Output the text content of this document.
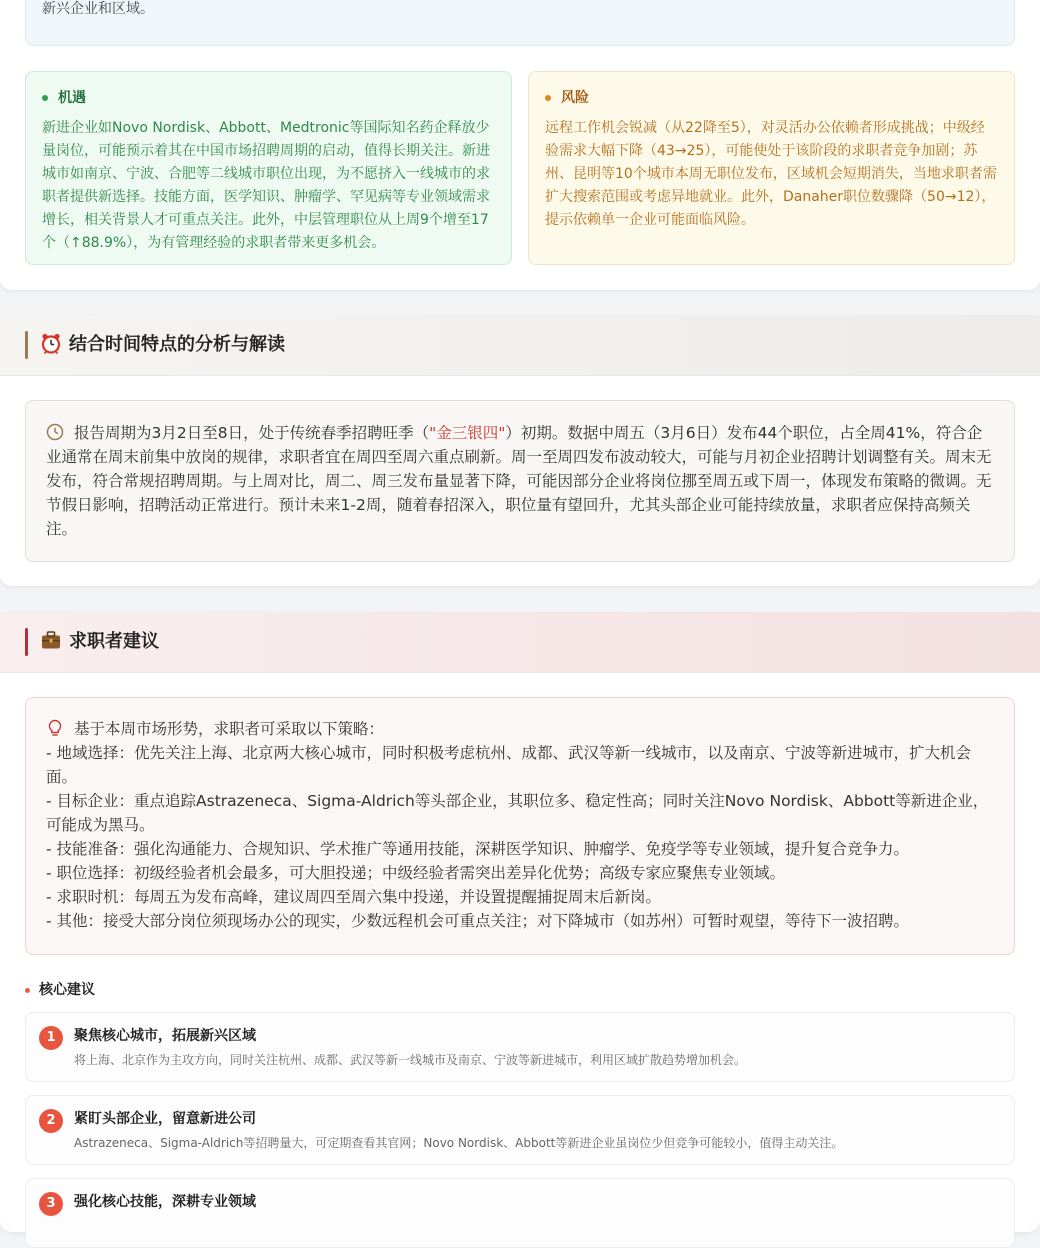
新兴企业和区域。
机遇
新进企业如Novo Nordisk、Abbott、Medtronic等国际知名药企释放少量岗位，可能预示着其在中国市场招聘周期的启动，值得长期关注。新进城市如南京、宁波、合肥等二线城市职位出现，为不愿挤入一线城市的求职者提供新选择。技能方面，医学知识、肿瘤学、罕见病等专业领域需求增长，相关背景人才可重点关注。此外，中层管理职位从上周9个增至17个（↑88.9%），为有管理经验的求职者带来更多机会。
风险
远程工作机会锐减（从22降至5），对灵活办公依赖者形成挑战；中级经验需求大幅下降（43→25），可能使处于该阶段的求职者竞争加剧；苏州、昆明等10个城市本周无职位发布，区域机会短期消失，当地求职者需扩大搜索范围或考虑异地就业。此外，Danaher职位数骤降（50→12），提示依赖单一企业可能面临风险。
结合时间特点的分析与解读
报告周期为3月2日至8日，处于传统春季招聘旺季（"金三银四"）初期。数据中周五（3月6日）发布44个职位，占全周41%，符合企业通常在周末前集中放岗的规律，求职者宜在周四至周六重点刷新。周一至周四发布波动较大，可能与月初企业招聘计划调整有关。周末无发布，符合常规招聘周期。与上周对比，周二、周三发布量显著下降，可能因部分企业将岗位挪至周五或下周一，体现发布策略的微调。无节假日影响，招聘活动正常进行。预计未来1-2周，随着春招深入，职位量有望回升，尤其头部企业可能持续放量，求职者应保持高频关注。
求职者建议
基于本周市场形势，求职者可采取以下策略：
- 地域选择：优先关注上海、北京两大核心城市，同时积极考虑杭州、成都、武汉等新一线城市，以及南京、宁波等新进城市，扩大机会面。
- 目标企业：重点追踪Astrazeneca、Sigma-Aldrich等头部企业，其职位多、稳定性高；同时关注Novo Nordisk、Abbott等新进企业，可能成为黑马。
- 技能准备：强化沟通能力、合规知识、学术推广等通用技能，深耕医学知识、肿瘤学、免疫学等专业领域，提升复合竞争力。
- 职位选择：初级经验者机会最多，可大胆投递；中级经验者需突出差异化优势；高级专家应聚焦专业领域。
- 求职时机：每周五为发布高峰，建议周四至周六集中投递，并设置提醒捕捉周末后新岗。
- 其他：接受大部分岗位须现场办公的现实，少数远程机会可重点关注；对下降城市（如苏州）可暂时观望，等待下一波招聘。
核心建议
1	聚焦核心城市，拓展新兴区域
将上海、北京作为主攻方向，同时关注杭州、成都、武汉等新一线城市及南京、宁波等新进城市，利用区域扩散趋势增加机会。
2	紧盯头部企业，留意新进公司
Astrazeneca、Sigma-Aldrich等招聘量大，可定期查看其官网；Novo Nordisk、Abbott等新进企业虽岗位少但竞争可能较小，值得主动关注。
3	强化核心技能，深耕专业领域
